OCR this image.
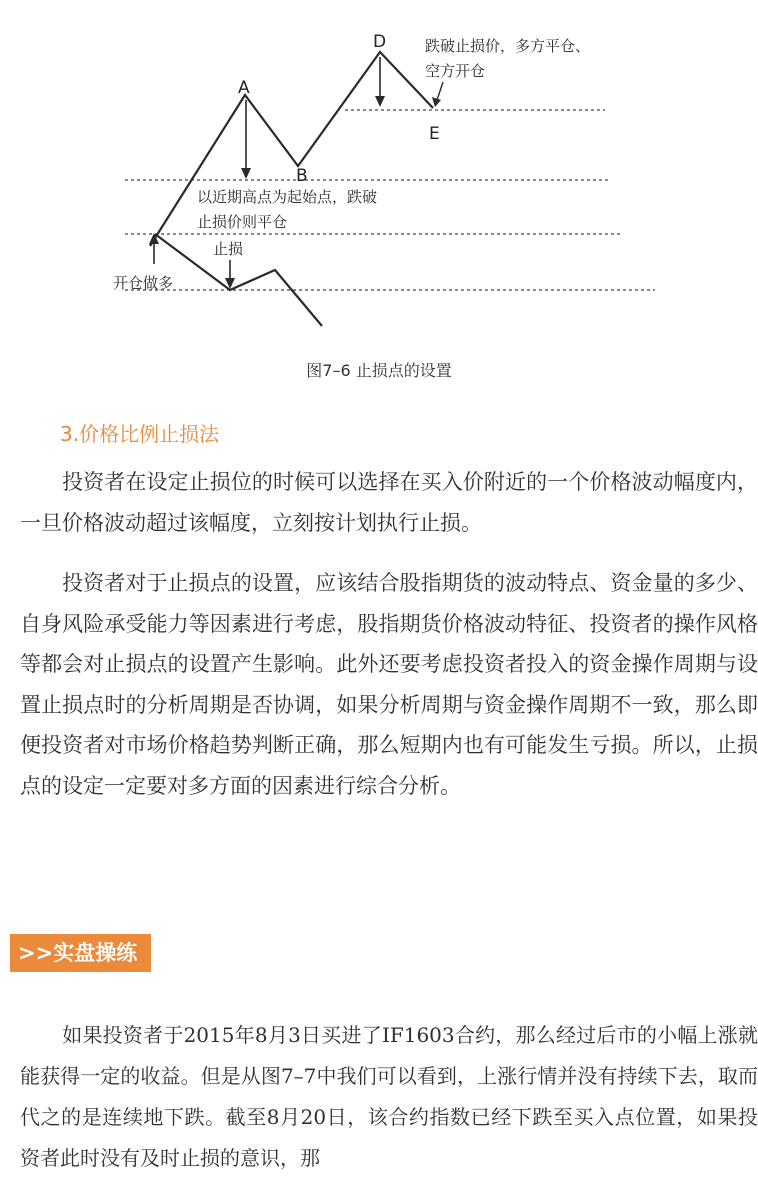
A
B
D
E
跌破止损价，多方平仓、
空方开仓
以近期高点为起始点，跌破
止损价则平仓
止损
开仓做多
图7–6 止损点的设置
3.价格比例止损法

投资者在设定止损位的时候可以选择在买入价附近的一个价格波动幅度内，一旦价格波动超过该幅度，立刻按计划执行止损。

投资者对于止损点的设置，应该结合股指期货的波动特点、资金量的多少、自身风险承受能力等因素进行考虑，股指期货价格波动特征、投资者的操作风格等都会对止损点的设置产生影响。此外还要考虑投资者投入的资金操作周期与设置止损点时的分析周期是否协调，如果分析周期与资金操作周期不一致，那么即便投资者对市场价格趋势判断正确，那么短期内也有可能发生亏损。所以，止损点的设定一定要对多方面的因素进行综合分析。

>>实盘操练

如果投资者于2015年8月3日买进了IF1603合约，那么经过后市的小幅上涨就能获得一定的收益。但是从图7–7中我们可以看到，上涨行情并没有持续下去，取而代之的是连续地下跌。截至8月20日，该合约指数已经下跌至买入点位置，如果投资者此时没有及时止损的意识，那
